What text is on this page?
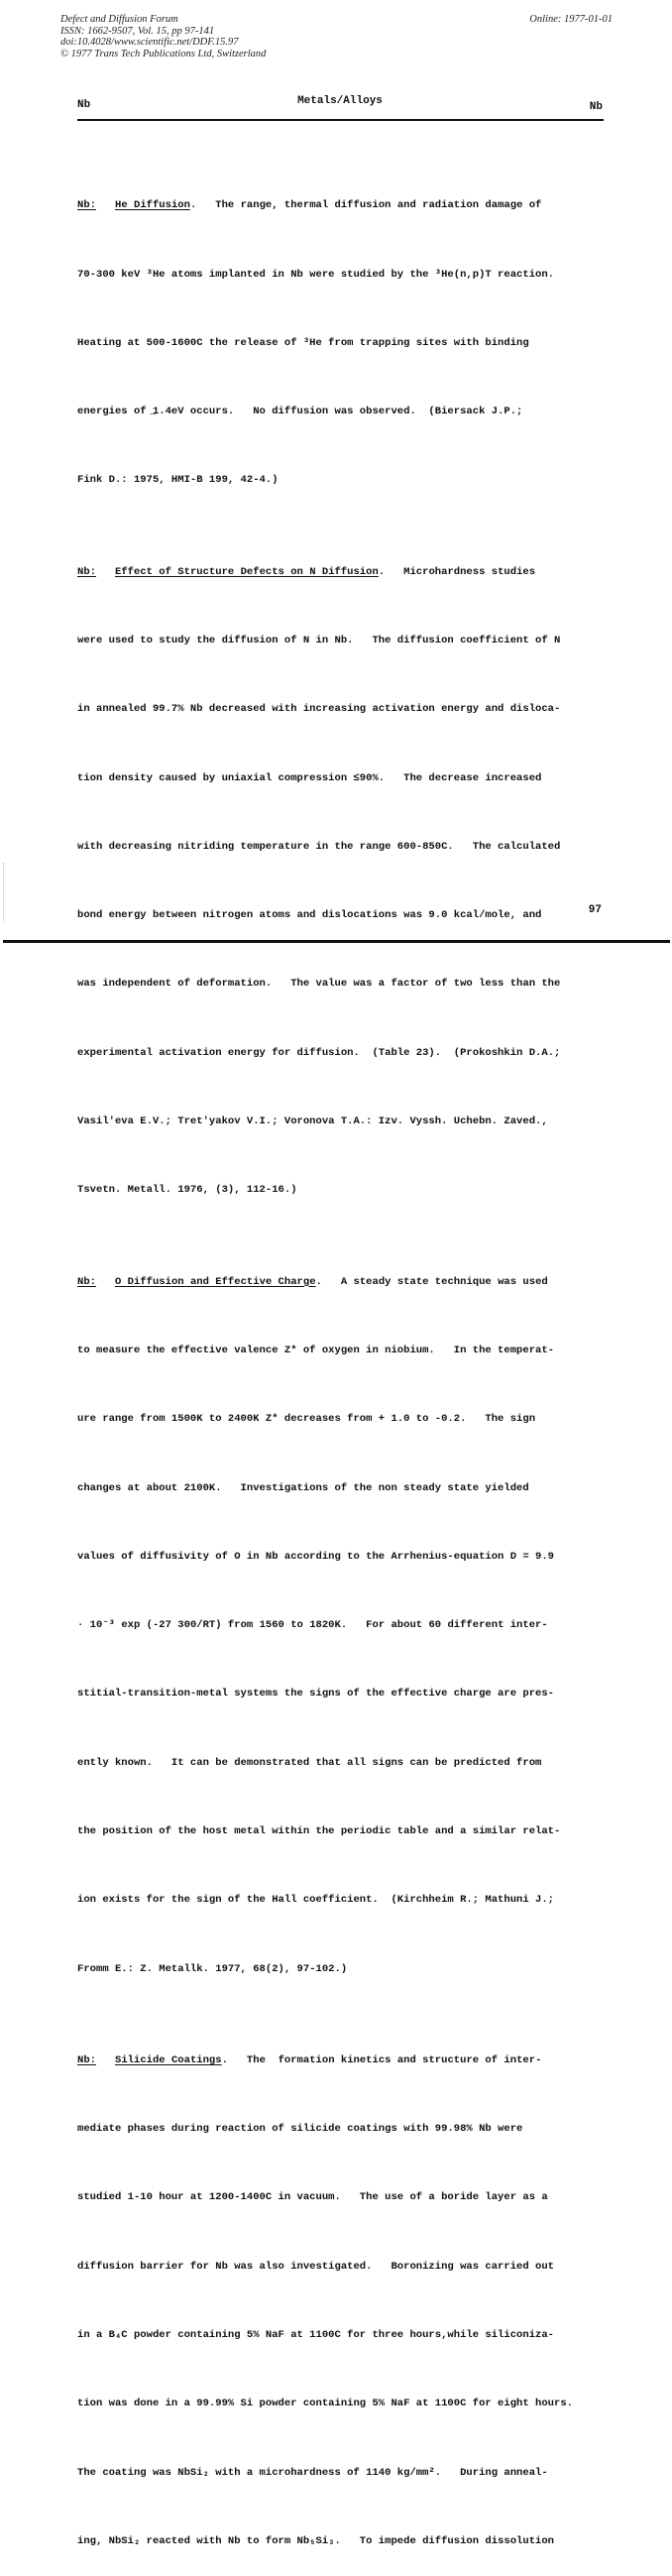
Defect and Diffusion Forum
ISSN: 1662-9507, Vol. 15, pp 97-141
doi:10.4028/www.scientific.net/DDF.15.97
© 1977 Trans Tech Publications Ltd, Switzerland
Online: 1977-01-01
Nb	Metals/Alloys	Nb

Nb: He Diffusion.   The range, thermal diffusion and radiation damage of

70-300 keV ³He atoms implanted in Nb were studied by the ³He(n,p)T reaction.

Heating at 500-1600C the release of ³He from trapping sites with binding

energies of ̲1.4eV occurs.   No diffusion was observed.  (Biersack J.P.;

Fink D.: 1975, HMI-B 199, 42-4.)

Nb: Effect of Structure Defects on N Diffusion.   Microhardness studies

were used to study the diffusion of N in Nb.   The diffusion coefficient of N

in annealed 99.7% Nb decreased with increasing activation energy and disloca-

tion density caused by uniaxial compression ≤90%.   The decrease increased

with decreasing nitriding temperature in the range 600-850C.   The calculated

bond energy between nitrogen atoms and dislocations was 9.0 kcal/mole, and

was independent of deformation.   The value was a factor of two less than the

experimental activation energy for diffusion.  (Table 23).  (Prokoshkin D.A.;

Vasil'eva E.V.; Tret'yakov V.I.; Voronova T.A.: Izv. Vyssh. Uchebn. Zaved.,

Tsvetn. Metall. 1976, (3), 112-16.)

Nb: O Diffusion and Effective Charge.   A steady state technique was used

to measure the effective valence Z* of oxygen in niobium.   In the temperat-

ure range from 1500K to 2400K Z* decreases from + 1.0 to -0.2.   The sign

changes at about 2100K.   Investigations of the non steady state yielded

values of diffusivity of O in Nb according to the Arrhenius-equation D = 9.9

· 10⁻³ exp (-27 300/RT) from 1560 to 1820K.   For about 60 different inter-

stitial-transition-metal systems the signs of the effective charge are pres-

ently known.   It can be demonstrated that all signs can be predicted from

the position of the host metal within the periodic table and a similar relat-

ion exists for the sign of the Hall coefficient.  (Kirchheim R.; Mathuni J.;

Fromm E.: Z. Metallk. 1977, 68(2), 97-102.)

Nb: Silicide Coatings.   The  formation kinetics and structure of inter-

mediate phases during reaction of silicide coatings with 99.98% Nb were

studied 1-10 hour at 1200-1400C in vacuum.   The use of a boride layer as a

diffusion barrier for Nb was also investigated.   Boronizing was carried out

in a B₄C powder containing 5% NaF at 1100C for three hours,while siliconiza-

tion was done in a 99.99% Si powder containing 5% NaF at 1100C for eight hours.

The coating was NbSi₂ with a microhardness of 1140 kg/mm².   During anneal-

ing, NbSi₂ reacted with Nb to form Nb₅Si₃.   To impede diffusion dissolution

97
